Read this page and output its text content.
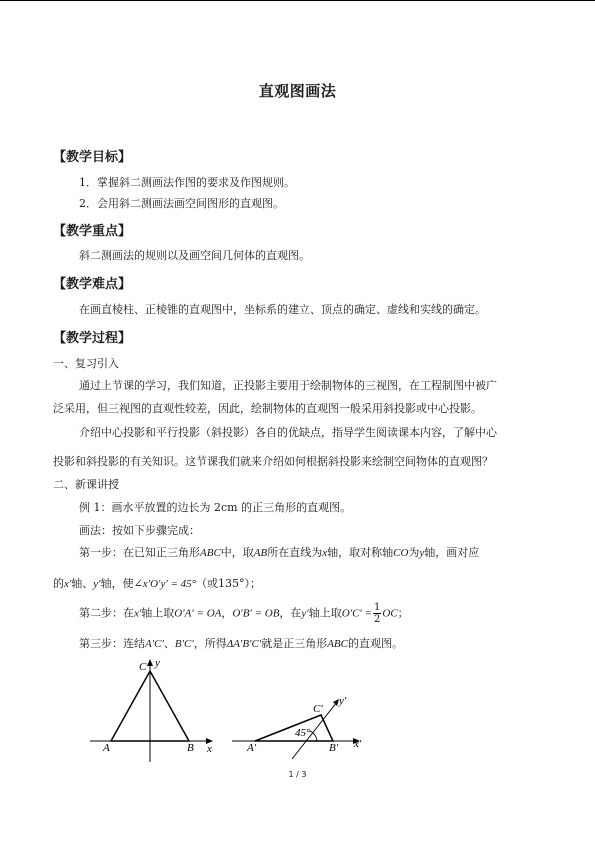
直观图画法
【教学目标】
1．掌握斜二测画法作图的要求及作图规则。
2．会用斜二测画法画空间图形的直观图。
【教学重点】
斜二测画法的规则以及画空间几何体的直观图。
【教学难点】
在画直棱柱、正棱锥的直观图中，坐标系的建立、顶点的确定、虚线和实线的确定。
【教学过程】
一、复习引入
通过上节课的学习，我们知道，正投影主要用于绘制物体的三视图，在工程制图中被广
泛采用，但三视图的直观性较差，因此，绘制物体的直观图一般采用斜投影或中心投影。
介绍中心投影和平行投影（斜投影）各自的优缺点，指导学生阅读课本内容，了解中心
投影和斜投影的有关知识。这节课我们就来介绍如何根据斜投影来绘制空间物体的直观图？
二、新课讲授
例 1：画水平放置的边长为 2cm 的正三角形的直观图。
画法：按如下步骤完成：
第一步：在已知正三角形ABC中，取AB所在直线为x轴，取对称轴CO为y轴，画对应
的x′轴、y′轴，使∠x′O′y′ = 45°（或135°）；
第二步：在x′轴上取O′A′ = OA，O′B′ = OB，在y′轴上取$O'C' = \frac{1}{2}$ OC；
第三步：连结A′C′、B′C′，所得ΔA′B′C′就是正三角形ABC的直观图。
A	B
C
x
y
45°
A′	B′
C′
x′
y′
1 / 3
